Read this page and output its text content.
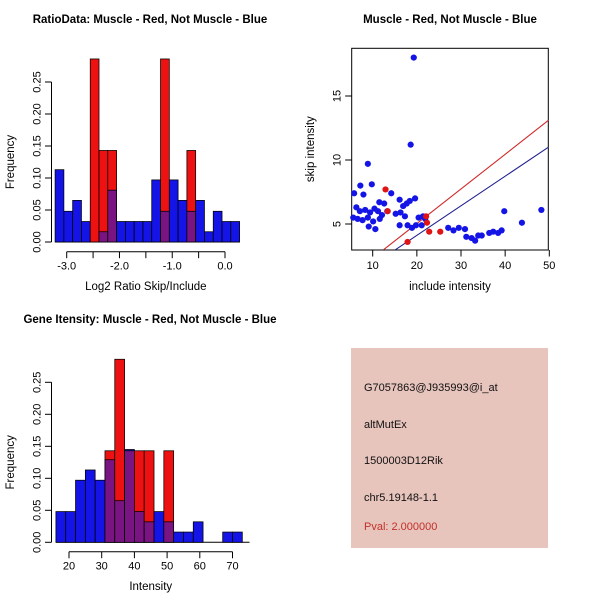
RatioData: Muscle - Red, Not Muscle - Blue	Muscle - Red, Not Muscle - Blue
Gene Itensity: Muscle - Red, Not Muscle - Blue
-3.0	-2.0	-1.0	0.0
0.00
0.05
0.10
0.15
0.20
0.25
Log2 Ratio Skip/Include
Frequency
10	20	30	40	50
5
10
15
include intensity
skip intensity
20 30 40 50 60 70
0.00
0.05
0.10
0.15
0.20
0.25
Intensity
Frequency
G7057863@J935993@i_at
altMutEx
1500003D12Rik
chr5.19148-1.1
Pval: 2.000000
